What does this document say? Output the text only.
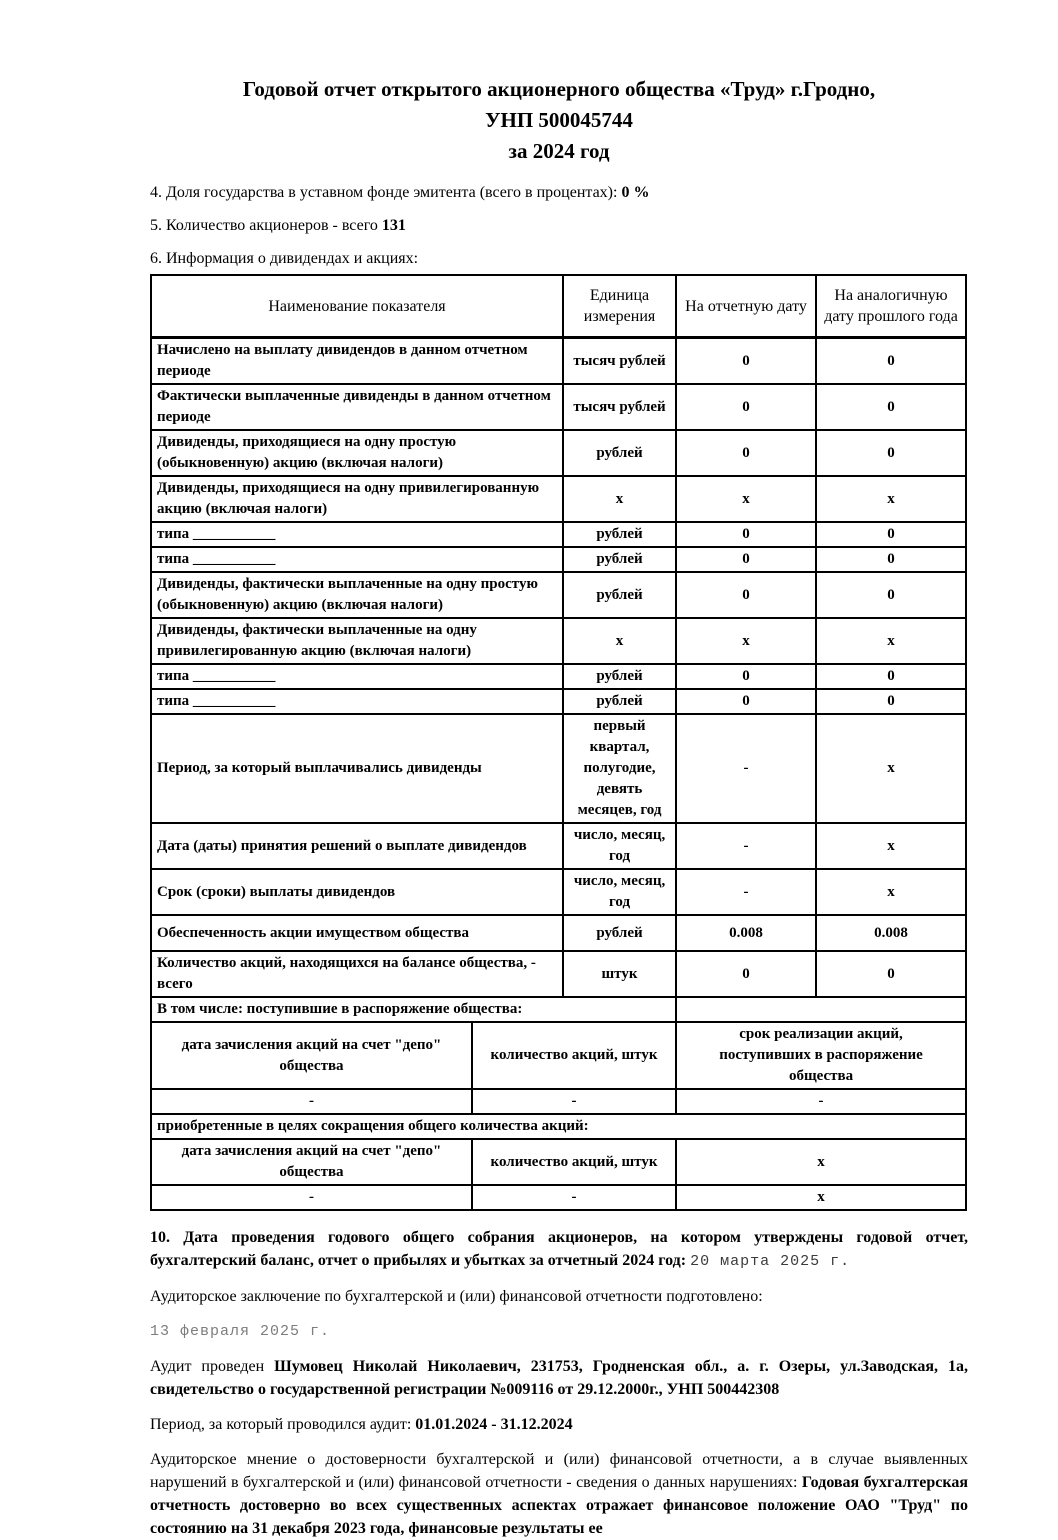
Годовой отчет открытого акционерного общества «Труд» г.Гродно,
УНП 500045744
за 2024 год

4. Доля государства в уставном фонде эмитента (всего в процентах): 0 %

5. Количество акционеров - всего 131

6. Информация о дивидендах и акциях:

Наименование показателя		Единица измерения	На отчетную дату	На аналогичную дату прошлого года
Начислено на выплату дивидендов в данном отчетном периоде		тысяч рублей	0	0
Фактически выплаченные дивиденды в данном отчетном периоде		тысяч рублей	0	0
Дивиденды, приходящиеся на одну простую (обыкновенную) акцию (включая налоги)		рублей	0	0
Дивиденды, приходящиеся на одну привилегированную акцию (включая налоги)		х	х	х
типа ___________		рублей	0	0
типа ___________		рублей	0	0
Дивиденды, фактически выплаченные на одну простую (обыкновенную) акцию (включая налоги)		рублей	0	0
Дивиденды, фактически выплаченные на одну привилегированную акцию (включая налоги)		х	х	х
типа ___________		рублей	0	0
типа ___________		рублей	0	0
Период, за который выплачивались дивиденды		первый квартал, полугодие, девять месяцев, год	-	х
Дата (даты) принятия решений о выплате дивидендов		число, месяц, год	-	х
Срок (сроки) выплаты дивидендов		число, месяц, год	-	х
Обеспеченность акции имуществом общества		рублей	0.008	0.008
Количество акций, находящихся на балансе общества, - всего		штук	0	0
В том числе: поступившие в распоряжение общества:				
дата зачисления акций на счет "депо" общества	количество акций, штук		срок реализации акций, поступивших в распоряжение общества	
-	-		-	
приобретенные в целях сокращения общего количества акций:				
дата зачисления акций на счет "депо" общества	количество акций, штук		х	
-	-		х	

10. Дата проведения годового общего собрания акционеров, на котором утверждены годовой отчет, бухгалтерский баланс, отчет о прибылях и убытках за отчетный 2024 год: 20 марта 2025 г.

Аудиторское заключение по бухгалтерской и (или) финансовой отчетности подготовлено:

13 февраля 2025 г.

Аудит проведен Шумовец Николай Николаевич, 231753, Гродненская обл., а. г. Озеры, ул.Заводская, 1а, свидетельство о государственной регистрации №009116 от 29.12.2000г., УНП 500442308

Период, за который проводился аудит: 01.01.2024 - 31.12.2024

Аудиторское мнение о достоверности бухгалтерской и (или) финансовой отчетности, а в случае выявленных нарушений в бухгалтерской и (или) финансовой отчетности - сведения о данных нарушениях: Годовая бухгалтерская отчетность достоверно во всех существенных аспектах отражает финансовое положение ОАО "Труд" по состоянию на 31 декабря 2023 года, финансовые результаты ее
